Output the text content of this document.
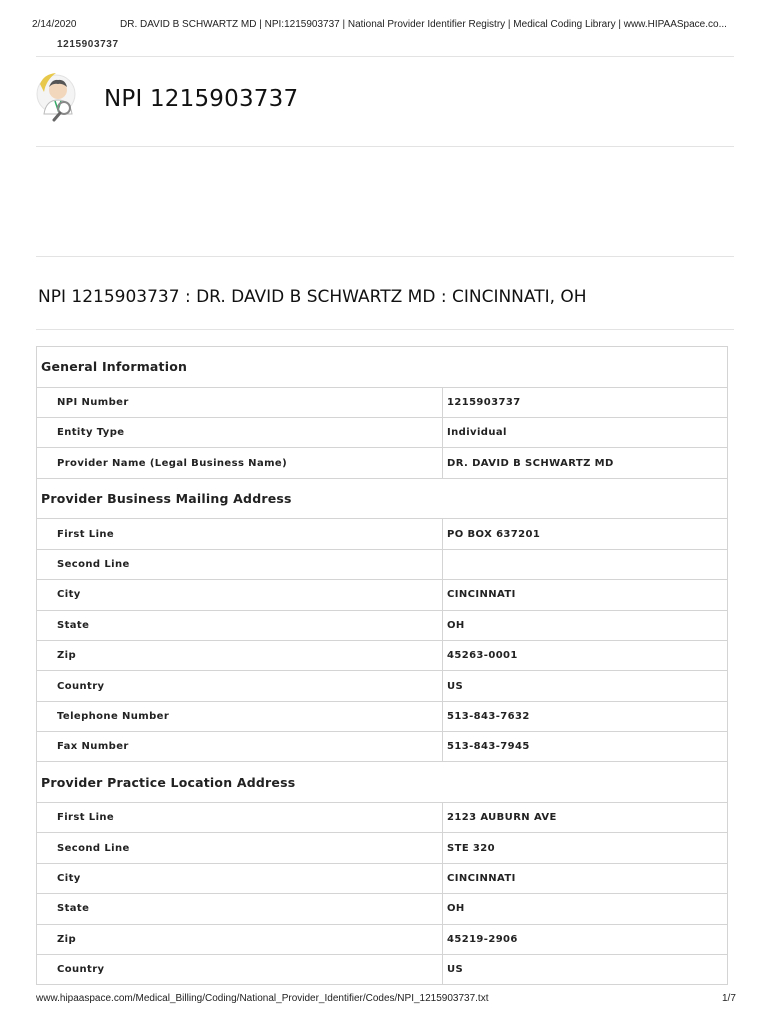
2/14/2020	DR. DAVID B SCHWARTZ MD | NPI:1215903737 | National Provider Identifier Registry | Medical Coding Library | www.HIPAASpace.co...
1215903737
NPI 1215903737
NPI 1215903737 : DR. DAVID B SCHWARTZ MD : CINCINNATI, OH
General Information	
NPI Number	1215903737
Entity Type	Individual
Provider Name (Legal Business Name)	DR. DAVID B SCHWARTZ MD
Provider Business Mailing Address	
First Line	PO BOX 637201
Second Line	
City	CINCINNATI
State	OH
Zip	45263-0001
Country	US
Telephone Number	513-843-7632
Fax Number	513-843-7945
Provider Practice Location Address	
First Line	2123 AUBURN AVE
Second Line	STE 320
City	CINCINNATI
State	OH
Zip	45219-2906
Country	US
www.hipaaspace.com/Medical_Billing/Coding/National_Provider_Identifier/Codes/NPI_1215903737.txt	1/7
